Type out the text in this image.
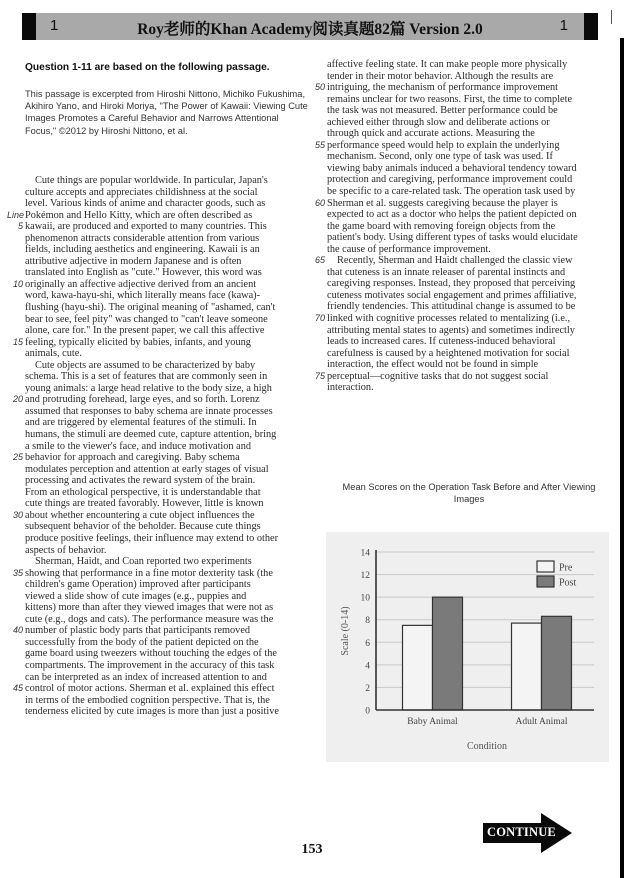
1	Roy老师的Khan Academy阅读真题82篇 Version 2.0	1
Question 1-11 are based on the following passage.
This passage is excerpted from Hiroshi Nittono, Michiko Fukushima, Akihiro Yano, and Hiroki Moriya, "The Power of Kawaii: Viewing Cute Images Promotes a Careful Behavior and Narrows Attentional Focus," ©2012 by Hiroshi Nittono, et al.
Cute things are popular worldwide. In particular, Japan's
culture accepts and appreciates childishness at the social
level. Various kinds of anime and character goods, such as
Line Pokémon and Hello Kitty, which are often described as
5 kawaii, are produced and exported to many countries. This
phenomenon attracts considerable attention from various
fields, including aesthetics and engineering. Kawaii is an
attributive adjective in modern Japanese and is often
translated into English as "cute." However, this word was
10 originally an affective adjective derived from an ancient
word, kawa-hayu-shi, which literally means face (kawa)-
flushing (hayu-shi). The original meaning of "ashamed, can't
bear to see, feel pity" was changed to "can't leave someone
alone, care for." In the present paper, we call this affective
15 feeling, typically elicited by babies, infants, and young
animals, cute.
Cute objects are assumed to be characterized by baby
schema. This is a set of features that are commonly seen in
young animals: a large head relative to the body size, a high
20 and protruding forehead, large eyes, and so forth. Lorenz
assumed that responses to baby schema are innate processes
and are triggered by elemental features of the stimuli. In
humans, the stimuli are deemed cute, capture attention, bring
a smile to the viewer's face, and induce motivation and
25 behavior for approach and caregiving. Baby schema
modulates perception and attention at early stages of visual
processing and activates the reward system of the brain.
From an ethological perspective, it is understandable that
cute things are treated favorably. However, little is known
30 about whether encountering a cute object influences the
subsequent behavior of the beholder. Because cute things
produce positive feelings, their influence may extend to other
aspects of behavior.
Sherman, Haidt, and Coan reported two experiments
35 showing that performance in a fine motor dexterity task (the
children's game Operation) improved after participants
viewed a slide show of cute images (e.g., puppies and
kittens) more than after they viewed images that were not as
cute (e.g., dogs and cats). The performance measure was the
40 number of plastic body parts that participants removed
successfully from the body of the patient depicted on the
game board using tweezers without touching the edges of the
compartments. The improvement in the accuracy of this task
can be interpreted as an index of increased attention to and
45 control of motor actions. Sherman et al. explained this effect
in terms of the embodied cognition perspective. That is, the
tenderness elicited by cute images is more than just a positive
affective feeling state. It can make people more physically
tender in their motor behavior. Although the results are
50 intriguing, the mechanism of performance improvement
remains unclear for two reasons. First, the time to complete
the task was not measured. Better performance could be
achieved either through slow and deliberate actions or
through quick and accurate actions. Measuring the
55 performance speed would help to explain the underlying
mechanism. Second, only one type of task was used. If
viewing baby animals induced a behavioral tendency toward
protection and caregiving, performance improvement could
be specific to a care-related task. The operation task used by
60 Sherman et al. suggests caregiving because the player is
expected to act as a doctor who helps the patient depicted on
the game board with removing foreign objects from the
patient's body. Using different types of tasks would elucidate
the cause of performance improvement.
65 Recently, Sherman and Haidt challenged the classic view
that cuteness is an innate releaser of parental instincts and
caregiving responses. Instead, they proposed that perceiving
cuteness motivates social engagement and primes affiliative,
friendly tendencies. This attitudinal change is assumed to be
70 linked with cognitive processes related to mentalizing (i.e.,
attributing mental states to agents) and sometimes indirectly
leads to increased cares. If cuteness-induced behavioral
carefulness is caused by a heightened motivation for social
interaction, the effect would not be found in simple
75 perceptual—cognitive tasks that do not suggest social
interaction.
Mean Scores on the Operation Task Before and After Viewing Images
0
2
4
6
8
10
12
14
Baby Animal	Adult Animal
Condition
Scale (0-14)
Pre
Post
153
CONTINUE
